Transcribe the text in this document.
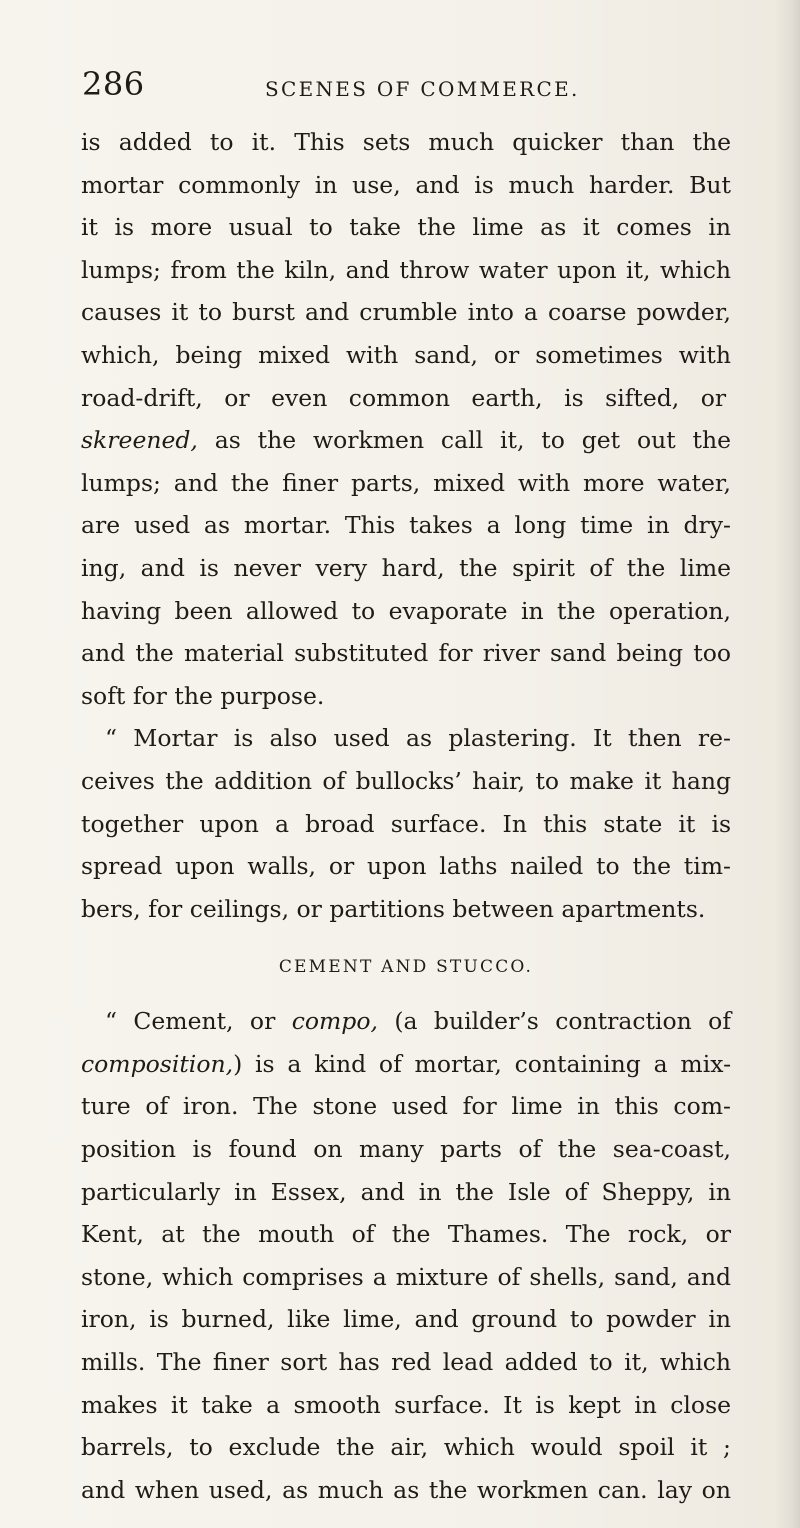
286	SCENES OF COMMERCE.
is added to it. This sets much quicker than the
mortar commonly in use, and is much harder. But
it is more usual to take the lime as it comes in
lumps; from the kiln, and throw water upon it, which
causes it to burst and crumble into a coarse powder,
which, being mixed with sand, or sometimes with
road-drift, or even common earth, is sifted, or
skreened, as the workmen call it, to get out the
lumps; and the finer parts, mixed with more water,
are used as mortar. This takes a long time in dry-
ing, and is never very hard, the spirit of the lime
having been allowed to evaporate in the operation,
and the material substituted for river sand being too
soft for the purpose.
“ Mortar is also used as plastering. It then re-
ceives the addition of bullocks’ hair, to make it hang
together upon a broad surface. In this state it is
spread upon walls, or upon laths nailed to the tim-
bers, for ceilings, or partitions between apartments.
CEMENT AND STUCCO.
“ Cement, or compo, (a builder’s contraction of
composition,) is a kind of mortar, containing a mix-
ture of iron. The stone used for lime in this com-
position is found on many parts of the sea-coast,
particularly in Essex, and in the Isle of Sheppy, in
Kent, at the mouth of the Thames. The rock, or
stone, which comprises a mixture of shells, sand, and
iron, is burned, like lime, and ground to powder in
mills. The finer sort has red lead added to it, which
makes it take a smooth surface. It is kept in close
barrels, to exclude the air, which would spoil it ;
and when used, as much as the workmen can. lay on
